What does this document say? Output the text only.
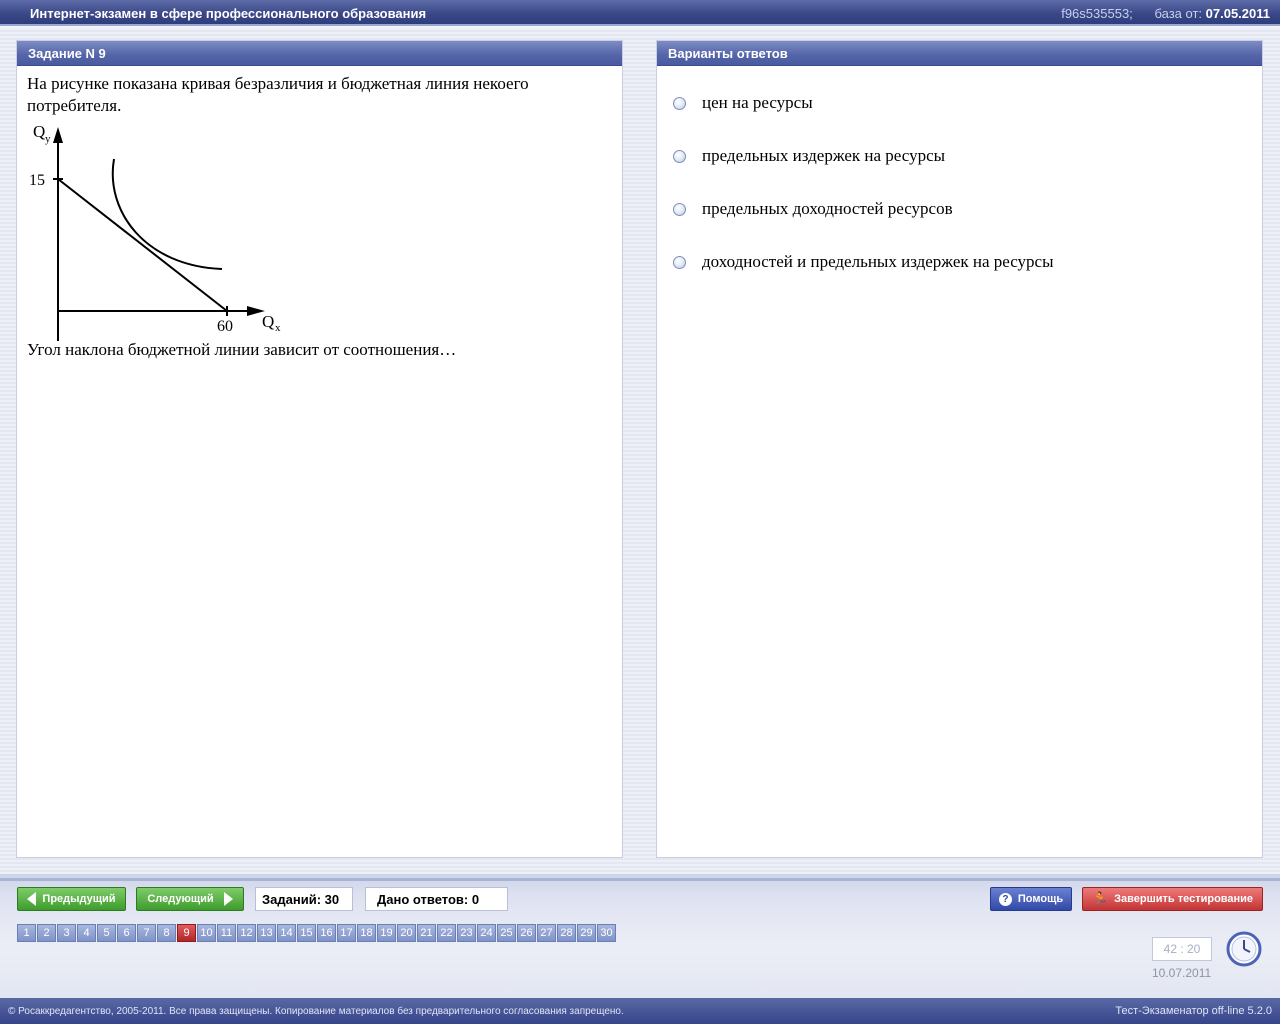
Интернет-экзамен в сфере профессионального образования	f96s535553; база от: 07.05.2011
Задание N 9
На рисунке показана кривая безразличия и бюджетная линия некоего потребителя.
15
60
Q y
Q x
Угол наклона бюджетной линии зависит от соотношения…
Варианты ответов
цен на ресурсы
предельных издержек на ресурсы
предельных доходностей ресурсов
доходностей и предельных издержек на ресурсы
Предыдущий	Следующий	Заданий: 30	Дано ответов: 0	? Помощь 🏃 Завершить тестирование
1	2	3	4	5	6	7	8	9 10 11 12 13 14 15 16 17 18 19 20 21 22 23 24 25 26 27 28 29 30
42 : 20
10.07.2011
© Росаккредагентство, 2005-2011. Все права защищены. Копирование материалов без предварительного согласования запрещено.	Тест-Экзаменатор off-line 5.2.0
